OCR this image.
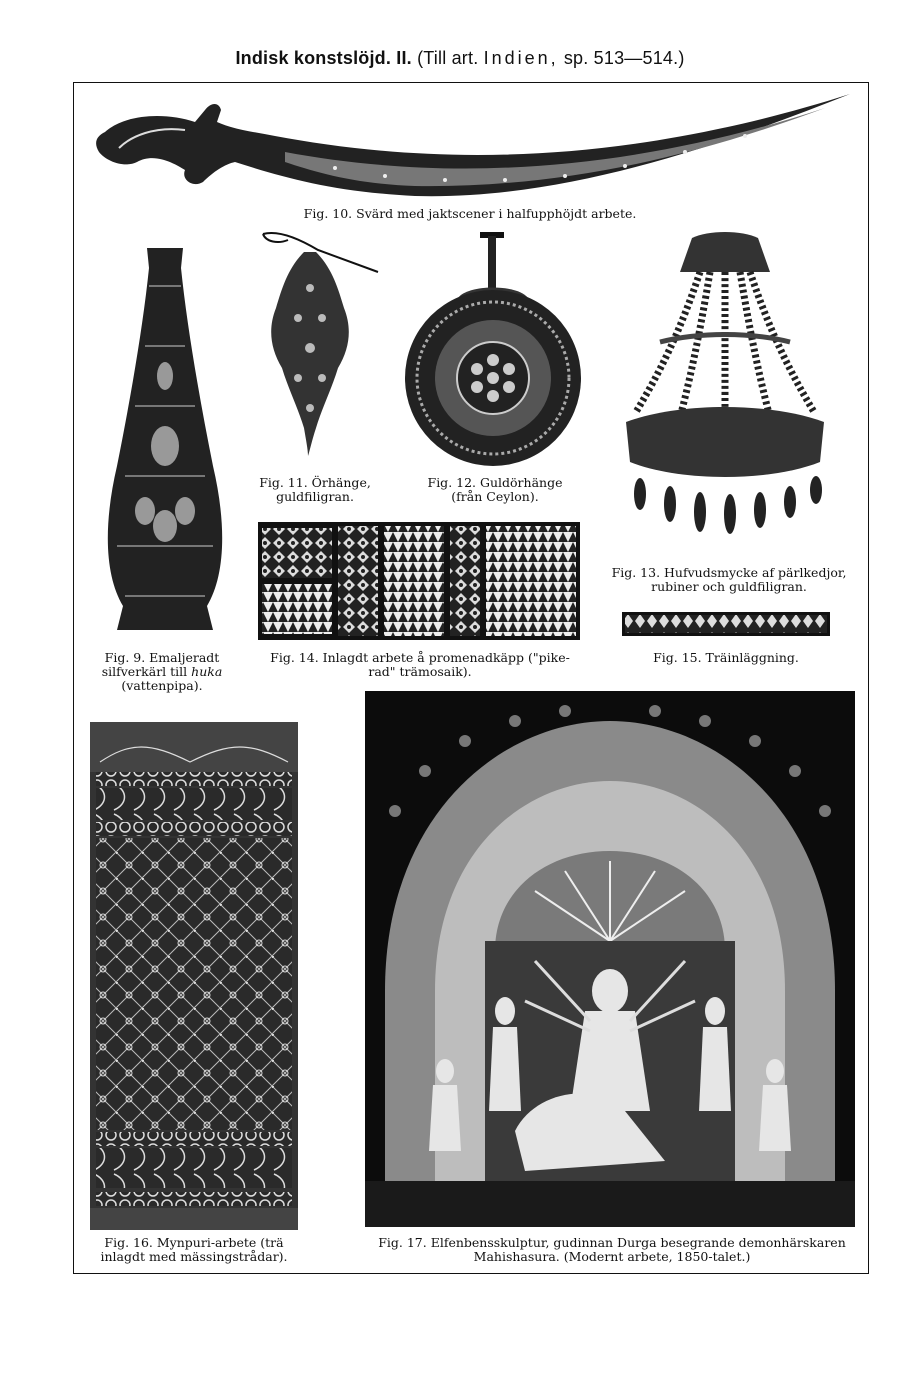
Indisk konstslöjd. II. (Till art. Indien, sp. 513—514.)
Fig. 10. Svärd med jaktscener i halfupphöjdt arbete.
Fig. 9. Emaljeradt
silfverkärl till huka
(vattenpipa).
Fig. 11. Örhänge,
guldfiligran.
Fig. 12. Guldörhänge
(från Ceylon).
Fig. 13. Hufvudsmycke af pärlkedjor,
rubiner och guldfiligran.
Fig. 14. Inlagdt arbete å promenadkäpp ("pike-
rad" trämosaik).
Fig. 15. Träinläggning.
Fig. 16. Mynpuri-arbete (trä
inlagdt med mässingstrådar).
Fig. 17. Elfenbensskulptur, gudinnan Durga besegrande demonhärskaren
Mahishasura. (Modernt arbete, 1850-talet.)
